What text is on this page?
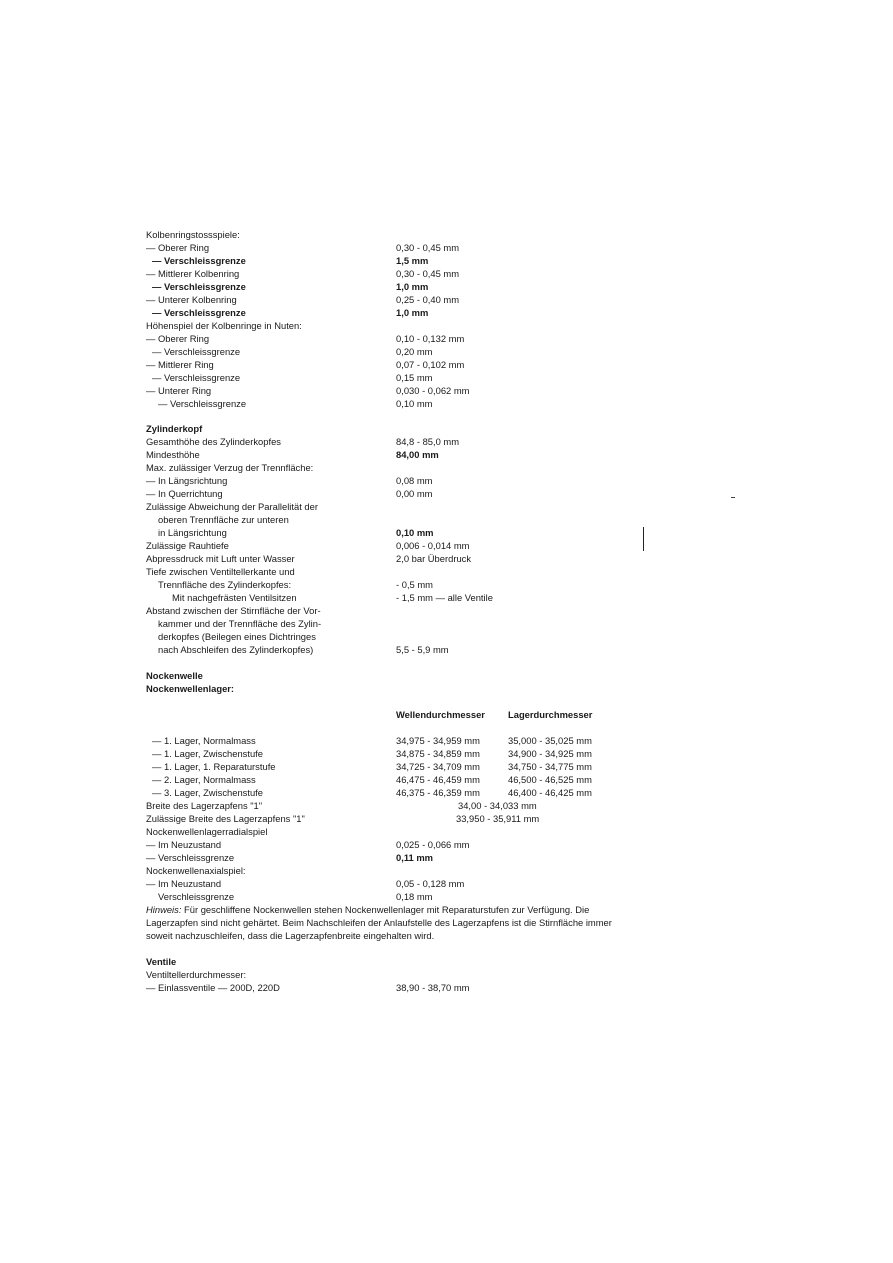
Kolbenringstossspiele:
— Oberer Ring	0,30 - 0,45 mm
— Verschleissgrenze	1,5 mm
— Mittlerer Kolbenring	0,30 - 0,45 mm
— Verschleissgrenze	1,0 mm
— Unterer Kolbenring	0,25 - 0,40 mm
— Verschleissgrenze	1,0 mm
Höhenspiel der Kolbenringe in Nuten:
— Oberer Ring	0,10 - 0,132 mm
— Verschleissgrenze	0,20 mm
— Mittlerer Ring	0,07 - 0,102 mm
— Verschleissgrenze	0,15 mm
— Unterer Ring	0,030 - 0,062 mm
— Verschleissgrenze	0,10 mm
Zylinderkopf
Gesamthöhe des Zylinderkopfes	84,8 - 85,0 mm
Mindesthöhe	84,00 mm
Max. zulässiger Verzug der Trennfläche:
— In Längsrichtung	0,08 mm
— In Querrichtung	0,00 mm
Zulässige Abweichung der Parallelität der
oberen Trennfläche zur unteren
in Längsrichtung	0,10 mm
Zulässige Rauhtiefe	0,006 - 0,014 mm
Abpressdruck mit Luft unter Wasser	2,0 bar Überdruck
Tiefe zwischen Ventiltellerkante und
Trennfläche des Zylinderkopfes:	- 0,5 mm
Mit nachgefrästen Ventilsitzen	- 1,5 mm — alle Ventile
Abstand zwischen der Stirnfläche der Vor-
kammer und der Trennfläche des Zylin-
derkopfes (Beilegen eines Dichtringes
nach Abschleifen des Zylinderkopfes)	5,5 - 5,9 mm
Nockenwelle
Nockenwellenlager:
Wellendurchmesser Lagerdurchmesser
— 1. Lager, Normalmass	34,975 - 34,959 mm	35,000 - 35,025 mm
— 1. Lager, Zwischenstufe	34,875 - 34,859 mm	34,900 - 34,925 mm
— 1. Lager, 1. Reparaturstufe	34,725 - 34,709 mm	34,750 - 34,775 mm
— 2. Lager, Normalmass	46,475 - 46,459 mm	46,500 - 46,525 mm
— 3. Lager, Zwischenstufe	46,375 - 46,359 mm	46,400 - 46,425 mm
Breite des Lagerzapfens "1"	34,00 - 34,033 mm
Zulässige Breite des Lagerzapfens "1"	33,950 - 35,911 mm
Nockenwellenlagerradialspiel
— Im Neuzustand	0,025 - 0,066 mm
— Verschleissgrenze	0,11 mm
Nockenwellenaxialspiel:
— Im Neuzustand	0,05 - 0,128 mm
Verschleissgrenze	0,18 mm
Hinweis: Für geschliffene Nockenwellen stehen Nockenwellenlager mit Reparaturstufen zur Verfügung. Die Lagerzapfen sind nicht gehärtet. Beim Nachschleifen der Anlaufstelle des Lagerzapfens ist die Stirnfläche immer soweit nachzuschleifen, dass die Lagerzapfenbreite eingehalten wird.
Ventile
Ventiltellerdurchmesser:
— Einlassventile — 200D, 220D	38,90 - 38,70 mm
